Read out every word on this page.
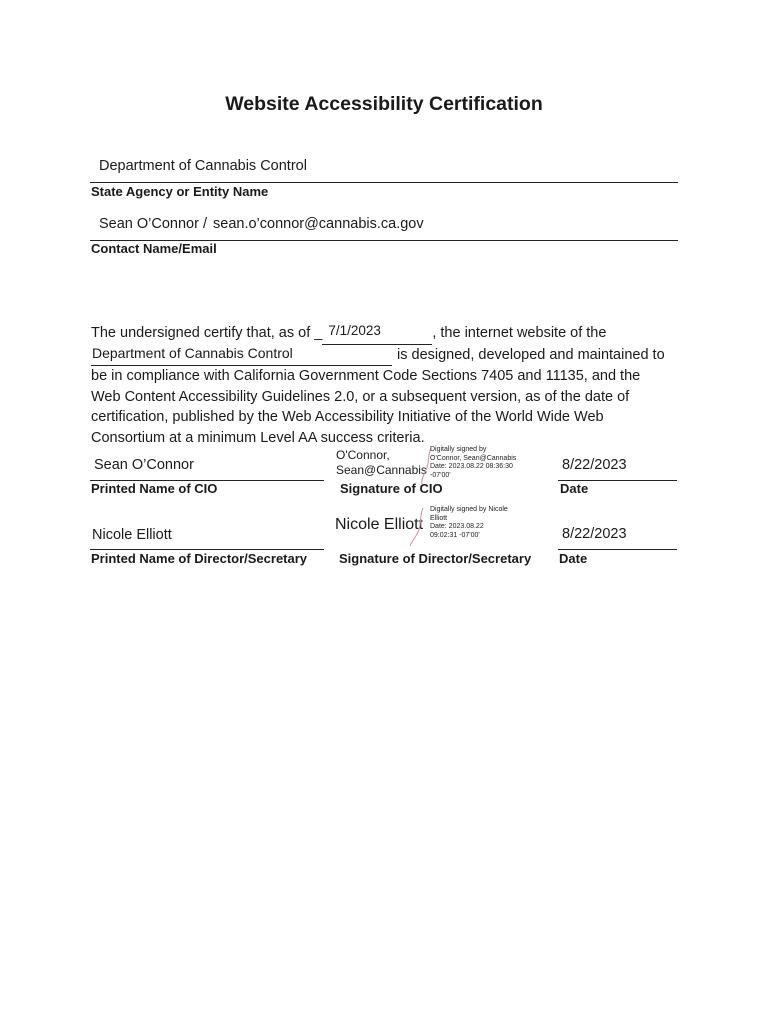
Website Accessibility Certification
Department of Cannabis Control
State Agency or Entity Name
Sean O’Connor / sean.o’connor@cannabis.ca.gov
Contact Name/Email
The undersigned certify that, as of _ 7/1/2023	, the internet website of the
Department of Cannabis Control	is designed, developed and maintained to
be in compliance with California Government Code Sections 7405 and 11135, and the
Web Content Accessibility Guidelines 2.0, or a subsequent version, as of the date of
certification, published by the Web Accessibility Initiative of the World Wide Web
Consortium at a minimum Level AA success criteria.
Sean O’Connor
Printed Name of CIO
O'Connor,
Sean@Cannabis
Digitally signed by
O'Connor, Sean@Cannabis
Date: 2023.08.22 08:36:30
-07'00'
Signature of CIO
8/22/2023
Date
Nicole Elliott
Printed Name of Director/Secretary
Nicole Elliott
Digitally signed by Nicole
Elliott
Date: 2023.08.22
09:02:31 -07'00'
Signature of Director/Secretary
8/22/2023
Date
